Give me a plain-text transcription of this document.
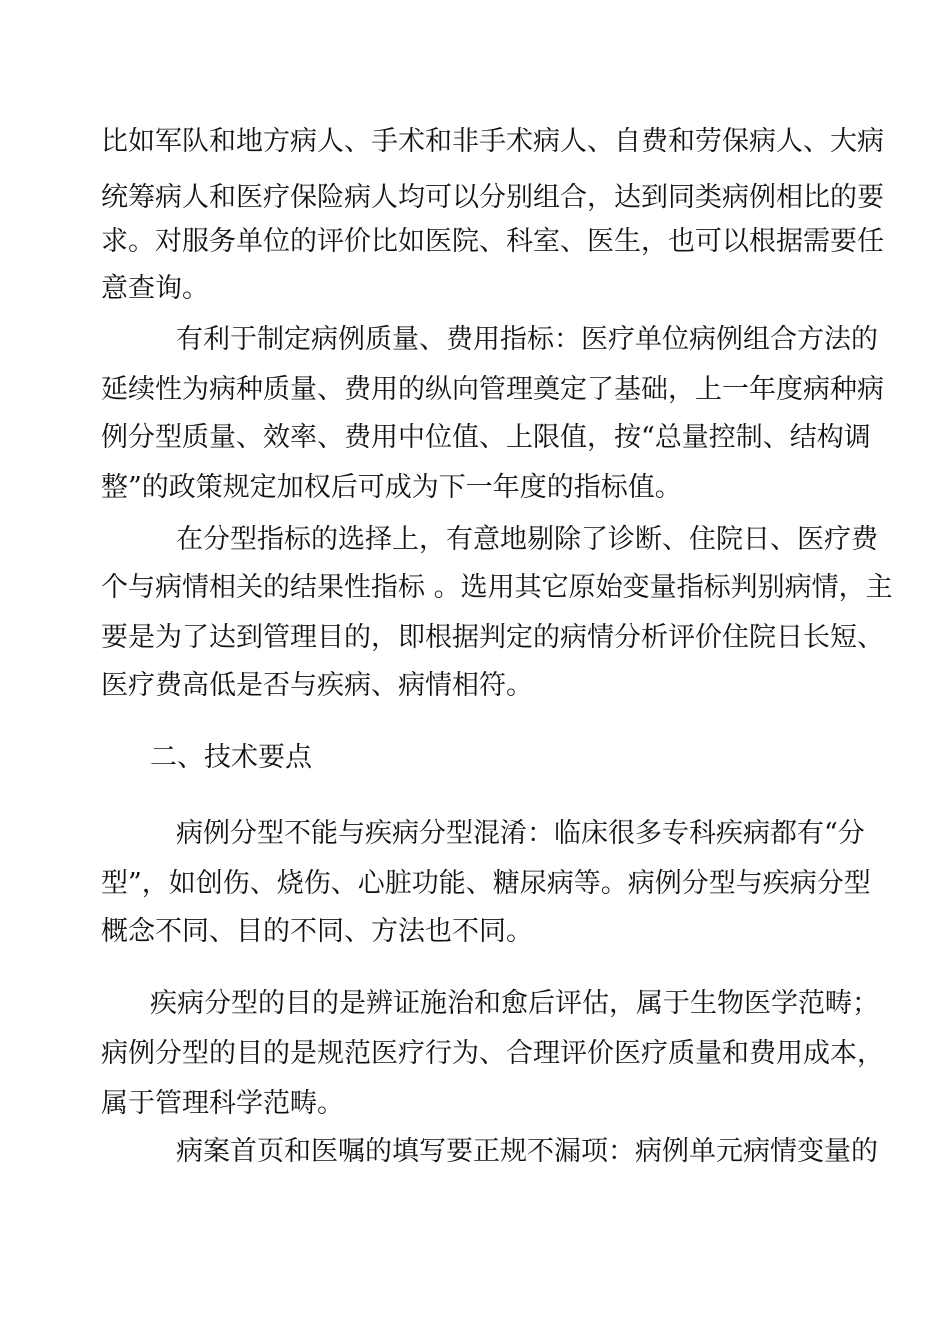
比如军队和地方病人、手术和非手术病人、自费和劳保病人、大病

统筹病人和医疗保险病人均可以分别组合，达到同类病例相比的要

求。对服务单位的评价比如医院、科室、医生，也可以根据需要任

意查询。

有利于制定病例质量、费用指标：医疗单位病例组合方法的

延续性为病种质量、费用的纵向管理奠定了基础，上一年度病种病

例分型质量、效率、费用中位值、上限值，按“总量控制、结构调

整”的政策规定加权后可成为下一年度的指标值。

在分型指标的选择上，有意地剔除了诊断、住院日、医疗费

个与病情相关的结果性指标 。选用其它原始变量指标判别病情，主

要是为了达到管理目的，即根据判定的病情分析评价住院日长短、

医疗费高低是否与疾病、病情相符。

二、技术要点

病例分型不能与疾病分型混淆：临床很多专科疾病都有“分

型”，如创伤、烧伤、心脏功能、糖尿病等。病例分型与疾病分型

概念不同、目的不同、方法也不同。

疾病分型的目的是辨证施治和愈后评估，属于生物医学范畴；

病例分型的目的是规范医疗行为、合理评价医疗质量和费用成本，

属于管理科学范畴。

病案首页和医嘱的填写要正规不漏项：病例单元病情变量的
